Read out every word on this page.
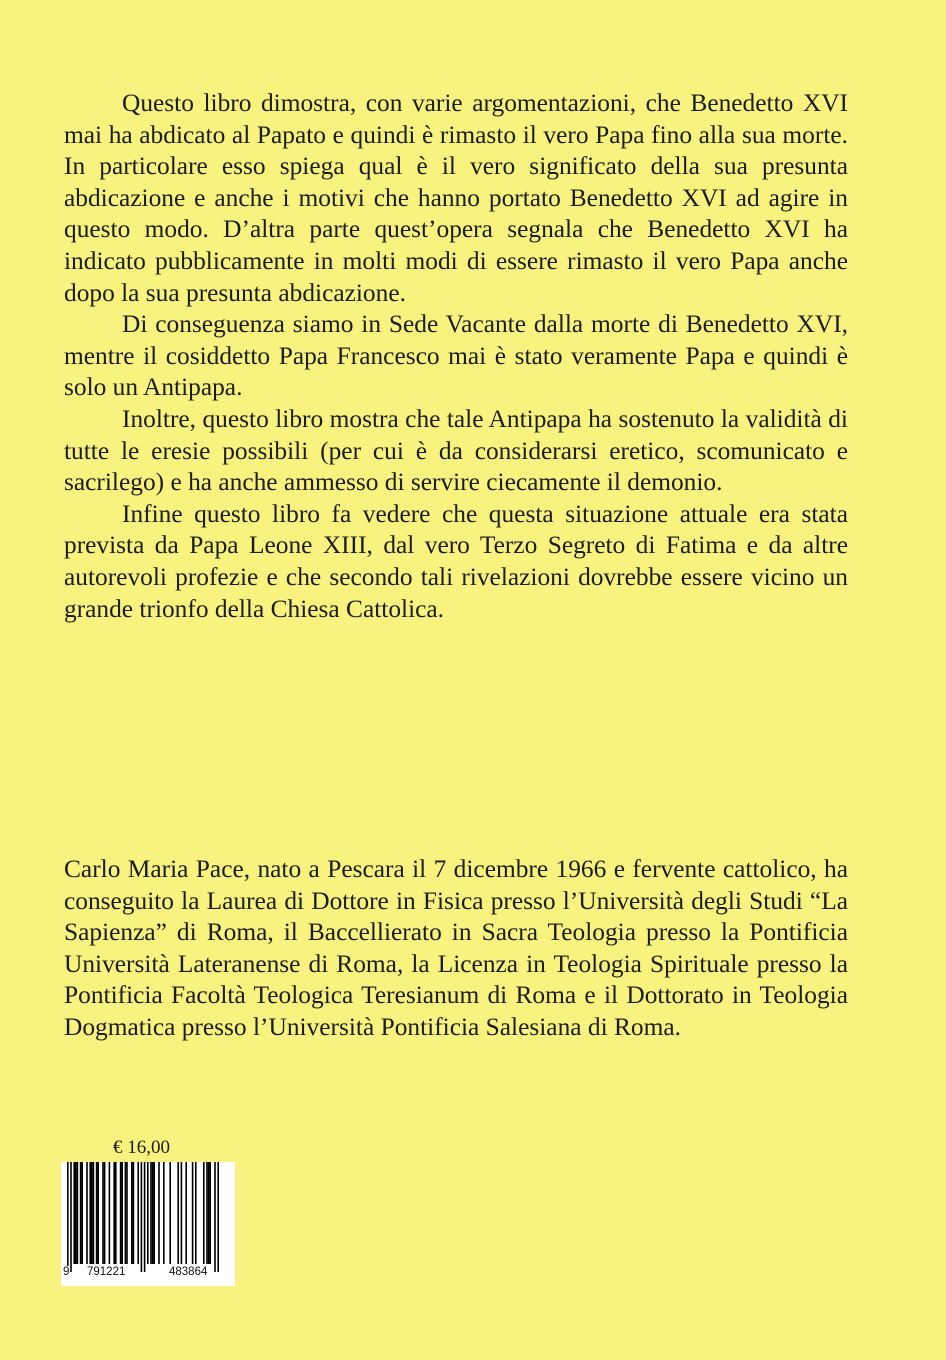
Questo libro dimostra, con varie argomentazioni, che Benedetto XVI mai ha abdicato al Papato e quindi è rimasto il vero Papa fino alla sua morte. In particolare esso spiega qual è il vero significato della sua presunta abdicazione e anche i motivi che hanno portato Benedetto XVI ad agire in questo modo. D’altra parte quest’opera segnala che Benedetto XVI ha indicato pubblicamente in molti modi di essere rimasto il vero Papa anche dopo la sua presunta abdicazione.

Di conseguenza siamo in Sede Vacante dalla morte di Benedetto XVI, mentre il cosiddetto Papa Francesco mai è stato veramente Papa e quindi è solo un Antipapa.

Inoltre, questo libro mostra che tale Antipapa ha sostenuto la validità di tutte le eresie possibili (per cui è da considerarsi eretico, scomunicato e sacrilego) e ha anche ammesso di servire ciecamente il demonio.

Infine questo libro fa vedere che questa situazione attuale era stata prevista da Papa Leone XIII, dal vero Terzo Segreto di Fatima e da altre autorevoli profezie e che secondo tali rivelazioni dovrebbe essere vicino un grande trionfo della Chiesa Cattolica.

Carlo Maria Pace, nato a Pescara il 7 dicembre 1966 e fervente cattolico, ha conseguito la Laurea di Dottore in Fisica presso l’Università degli Studi “La Sapienza” di Roma, il Baccellierato in Sacra Teologia presso la Pontificia Università Lateranense di Roma, la Licenza in Teologia Spirituale presso la Pontificia Facoltà Teologica Teresianum di Roma e il Dottorato in Teologia Dogmatica presso l’Università Pontificia Salesiana di Roma.

€ 16,00
9 791221	483864
